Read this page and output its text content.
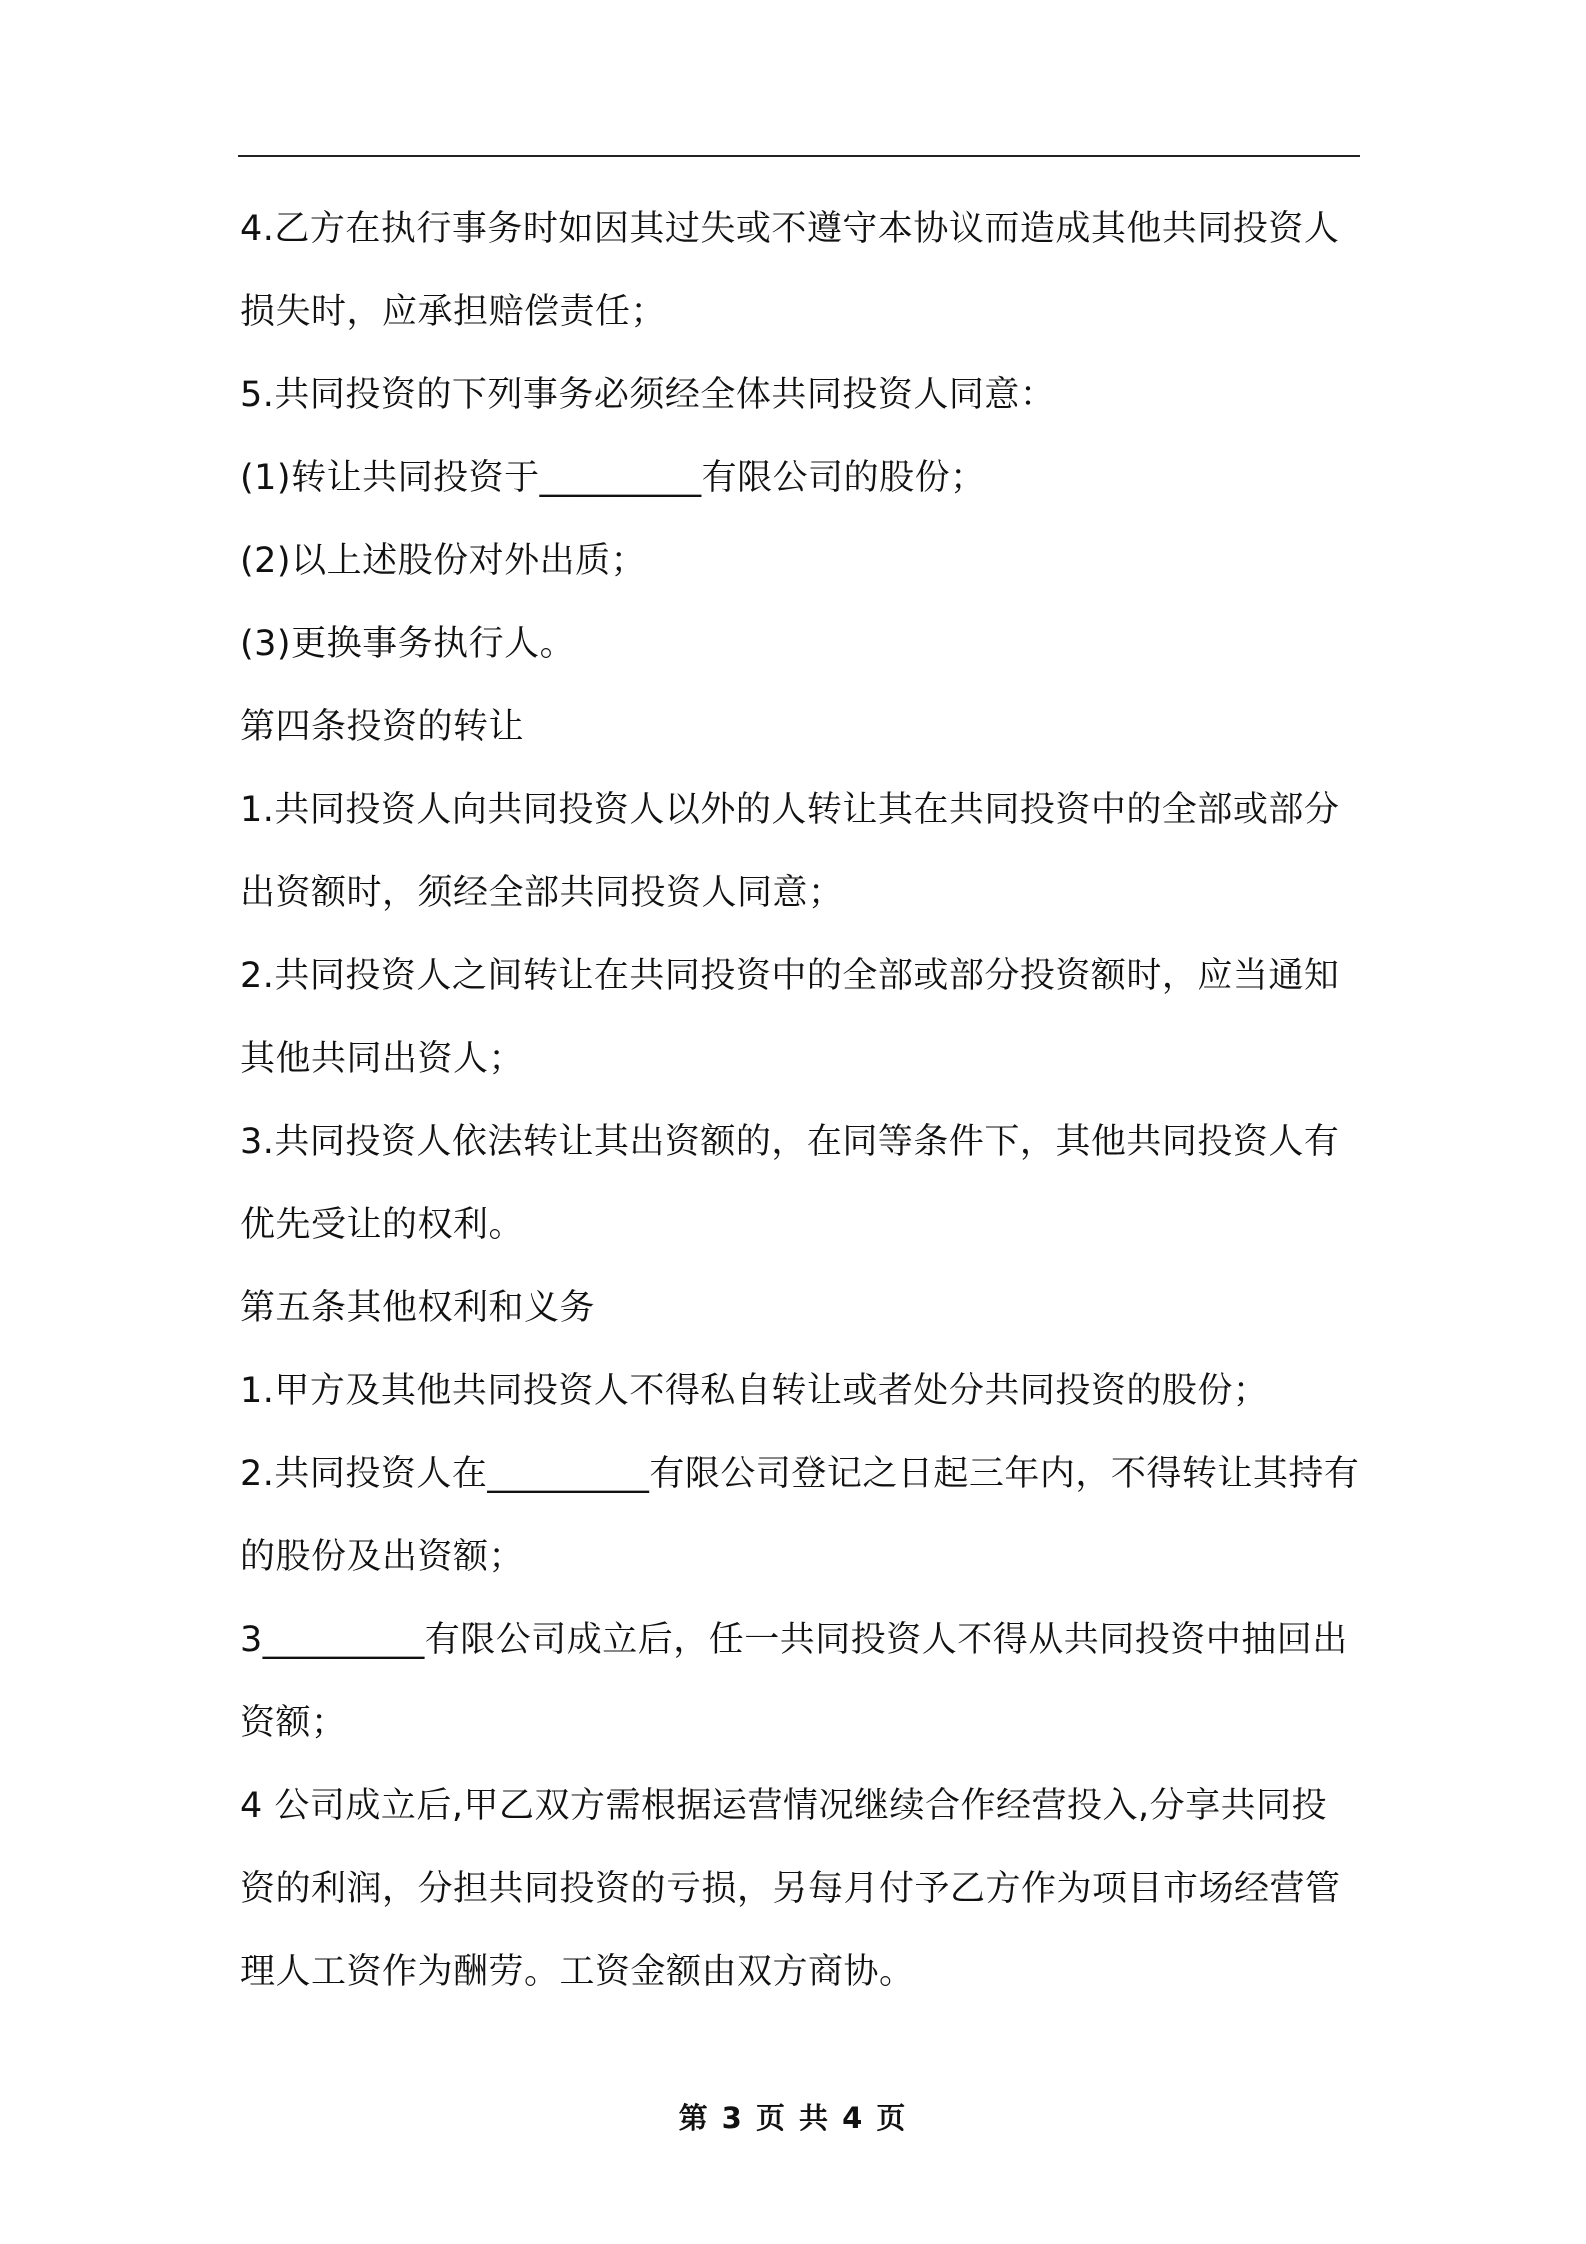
4.乙方在执行事务时如因其过失或不遵守本协议而造成其他共同投资人损失时，应承担赔偿责任；

5.共同投资的下列事务必须经全体共同投资人同意：

(1)转让共同投资于_________有限公司的股份；

(2)以上述股份对外出质；

(3)更换事务执行人。

第四条投资的转让

1.共同投资人向共同投资人以外的人转让其在共同投资中的全部或部分出资额时，须经全部共同投资人同意；

2.共同投资人之间转让在共同投资中的全部或部分投资额时，应当通知其他共同出资人；

3.共同投资人依法转让其出资额的，在同等条件下，其他共同投资人有优先受让的权利。

第五条其他权利和义务

1.甲方及其他共同投资人不得私自转让或者处分共同投资的股份；

2.共同投资人在_________有限公司登记之日起三年内，不得转让其持有的股份及出资额；

3_________有限公司成立后，任一共同投资人不得从共同投资中抽回出资额；

4 公司成立后,甲乙双方需根据运营情况继续合作经营投入,分享共同投资的利润，分担共同投资的亏损，另每月付予乙方作为项目市场经营管理人工资作为酬劳。工资金额由双方商协。

第 3 页 共 4 页
